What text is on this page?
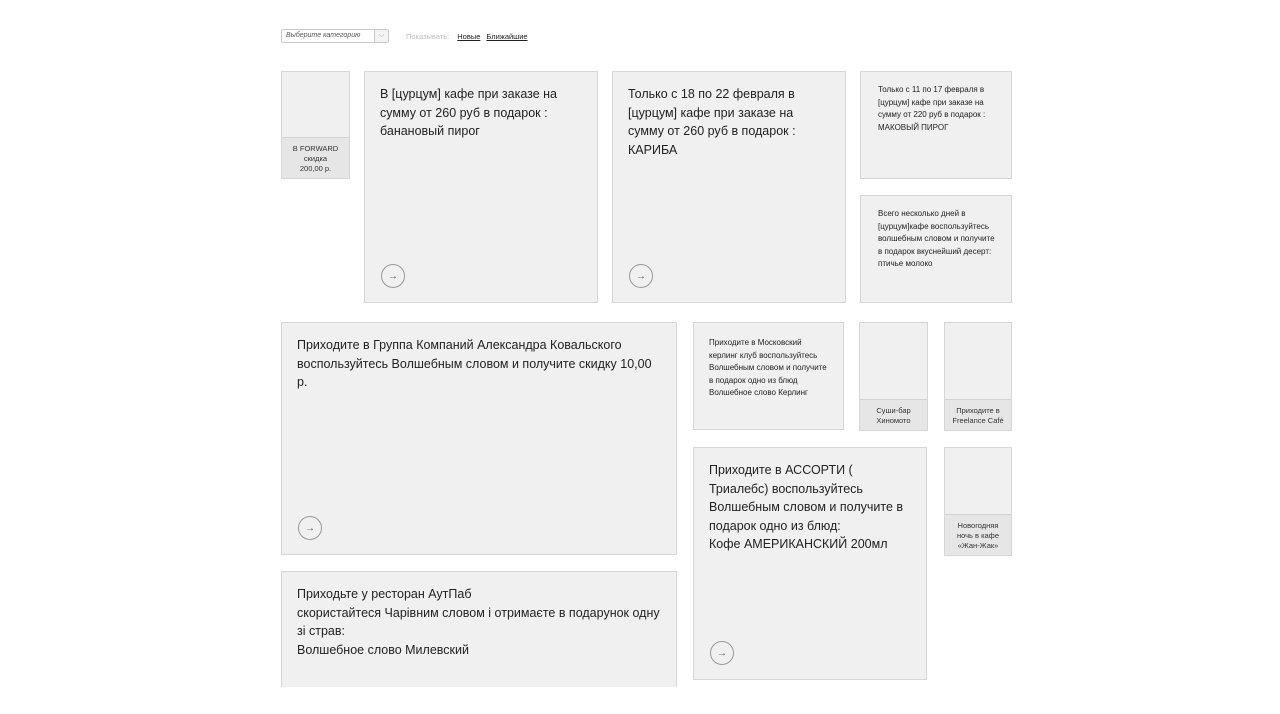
Выберите категорию	⌵	Показывать: Новые Ближайшие
B FORWARD
скидка
200,00 р.
В [цурцум] кафе при заказе на сумму от 260 руб в подарок : банановый пирог
→
Только с 18 по 22 февраля в [цурцум] кафе при заказе на сумму от 260 руб в подарок : КАРИБА
→
Только с 11 по 17 февраля в [цурцум] кафе при заказе на сумму от 220 руб в подарок : МАКОВЫЙ ПИРОГ
Всего несколько дней в [цурцум]кафе воспользуйтесь волшебным словом и получите в подарок вкуснейший десерт:
птичье молоко
Приходите в Группа Компаний Александра Ковальского воспользуйтесь Волшебным словом и получите скидку 10,00 р.
→
Приходите в Московский керлинг клуб воспользуйтесь Волшебным словом и получите в подарок одно из блюд
Волшебное слово Керлинг
Суши-бар
Хиномото
Приходите в
Freelance Café
Приходите в АССОРТИ ( Триалебс) воспользуйтесь Волшебным словом и получите в подарок одно из блюд:
Кофе АМЕРИКАНСКИЙ 200мл
→
Новогодняя
ночь в кафе
«Жан-Жак»
Приходьте у ресторан АутПаб
скористайтеся Чарівним словом і отримаєте в подарунок одну зі страв:
Волшебное слово Милевский
